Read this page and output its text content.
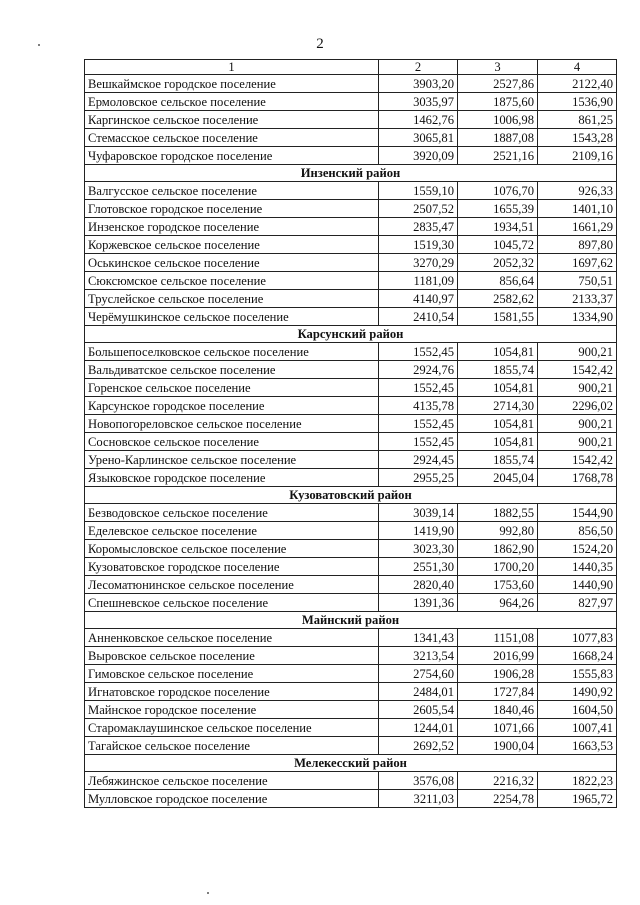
2
1	2	3	4
Вешкаймское городское поселение	3903,20	2527,86	2122,40
Ермоловское сельское поселение	3035,97	1875,60	1536,90
Каргинское сельское поселение	1462,76	1006,98	861,25
Стемасское сельское поселение	3065,81	1887,08	1543,28
Чуфаровское городское поселение	3920,09	2521,16	2109,16
Инзенский район			
Валгусское сельское поселение	1559,10	1076,70	926,33
Глотовское городское поселение	2507,52	1655,39	1401,10
Инзенское городское поселение	2835,47	1934,51	1661,29
Коржевское сельское поселение	1519,30	1045,72	897,80
Оськинское сельское поселение	3270,29	2052,32	1697,62
Сюксюмское сельское поселение	1181,09	856,64	750,51
Труслейское сельское поселение	4140,97	2582,62	2133,37
Черёмушкинское сельское поселение	2410,54	1581,55	1334,90
Карсунский район			
Большепоселковское сельское поселение	1552,45	1054,81	900,21
Вальдиватское сельское поселение	2924,76	1855,74	1542,42
Горенское сельское поселение	1552,45	1054,81	900,21
Карсунское городское поселение	4135,78	2714,30	2296,02
Новопогореловское сельское поселение	1552,45	1054,81	900,21
Сосновское сельское поселение	1552,45	1054,81	900,21
Урено-Карлинское сельское поселение	2924,45	1855,74	1542,42
Языковское городское поселение	2955,25	2045,04	1768,78
Кузоватовский район			
Безводовское сельское поселение	3039,14	1882,55	1544,90
Еделевское сельское поселение	1419,90	992,80	856,50
Коромысловское сельское поселение	3023,30	1862,90	1524,20
Кузоватовское городское поселение	2551,30	1700,20	1440,35
Лесоматюнинское сельское поселение	2820,40	1753,60	1440,90
Спешневское сельское поселение	1391,36	964,26	827,97
Майнский район			
Анненковское сельское поселение	1341,43	1151,08	1077,83
Выровское сельское поселение	3213,54	2016,99	1668,24
Гимовское сельское поселение	2754,60	1906,28	1555,83
Игнатовское городское поселение	2484,01	1727,84	1490,92
Майнское городское поселение	2605,54	1840,46	1604,50
Старомаклаушинское сельское поселение	1244,01	1071,66	1007,41
Тагайское сельское поселение	2692,52	1900,04	1663,53
Мелекесский район			
Лебяжинское сельское поселение	3576,08	2216,32	1822,23
Мулловское городское поселение	3211,03	2254,78	1965,72
